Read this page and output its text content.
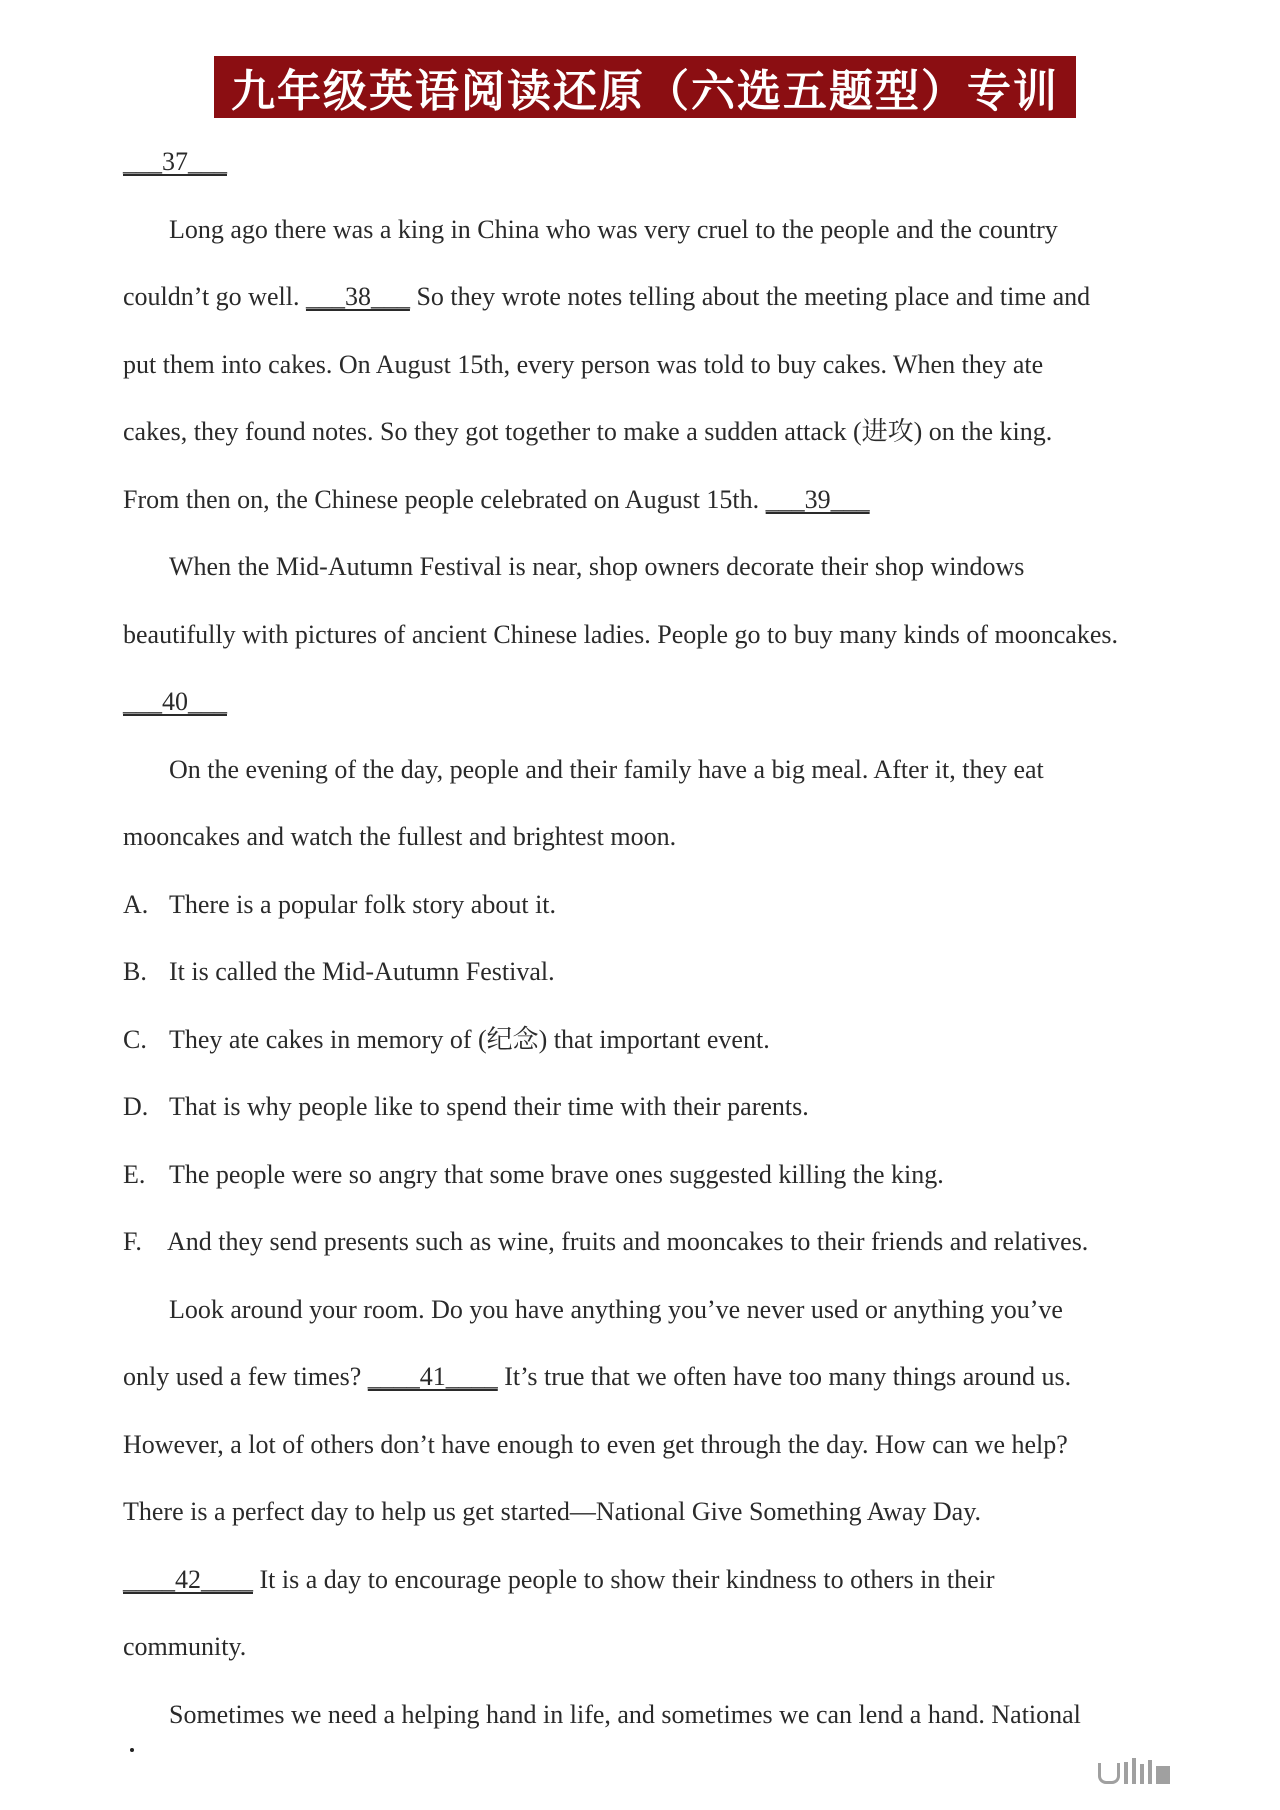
九年级英语阅读还原（六选五题型）专训
___37___
Long ago there was a king in China who was very cruel to the people and the country
couldn’t go well. ___38___ So they wrote notes telling about the meeting place and time and
put them into cakes. On August 15th, every person was told to buy cakes. When they ate
cakes, they found notes. So they got together to make a sudden attack (进攻) on the king.
From then on, the Chinese people celebrated on August 15th. ___39___
When the Mid-Autumn Festival is near, shop owners decorate their shop windows
beautifully with pictures of ancient Chinese ladies. People go to buy many kinds of mooncakes.
___40___
On the evening of the day, people and their family have a big meal. After it, they eat
mooncakes and watch the fullest and brightest moon.
A. There is a popular folk story about it.
B. It is called the Mid-Autumn Festival.
C. They ate cakes in memory of (纪念) that important event.
D. That is why people like to spend their time with their parents.
E. The people were so angry that some brave ones suggested killing the king.
F. And they send presents such as wine, fruits and mooncakes to their friends and relatives.
Look around your room. Do you have anything you’ve never used or anything you’ve
only used a few times? ____41____ It’s true that we often have too many things around us.
However, a lot of others don’t have enough to even get through the day. How can we help?
There is a perfect day to help us get started—National Give Something Away Day.
____42____ It is a day to encourage people to show their kindness to others in their
community.
Sometimes we need a helping hand in life, and sometimes we can lend a hand. National
